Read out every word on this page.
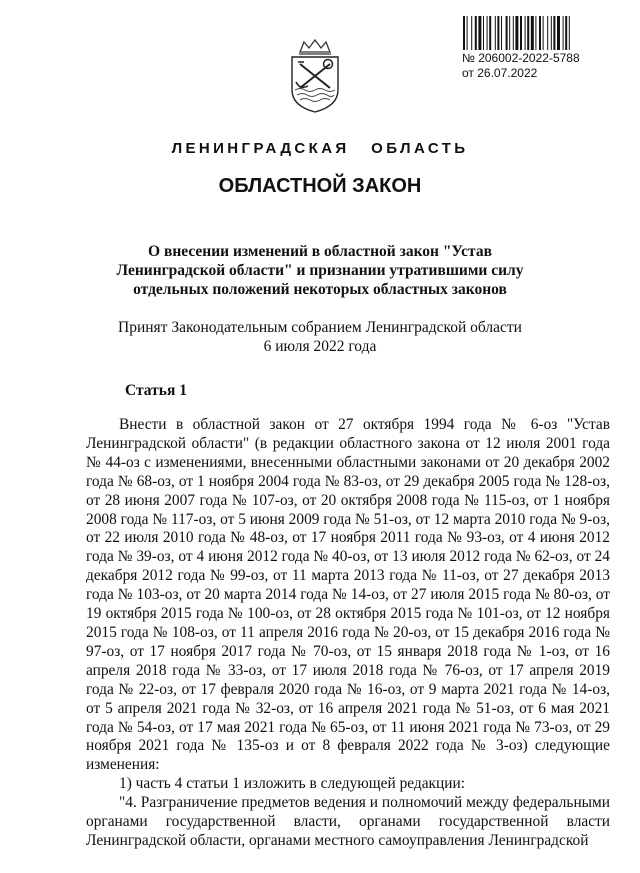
№ 206002-2022-5788
от 26.07.2022
ЛЕНИНГРАДСКАЯ ОБЛАСТЬ
ОБЛАСТНОЙ ЗАКОН
О внесении изменений в областной закон "Устав Ленинградской области" и признании утратившими силу отдельных положений некоторых областных законов
Принят Законодательным собранием Ленинградской области
6 июля 2022 года
Статья 1

Внести в областной закон от 27 октября 1994 года № 6-оз "Устав Ленинградской области" (в редакции областного закона от 12 июля 2001 года № 44-оз с изменениями, внесенными областными законами от 20 декабря 2002 года № 68-оз, от 1 ноября 2004 года № 83-оз, от 29 декабря 2005 года № 128-оз, от 28 июня 2007 года № 107-оз, от 20 октября 2008 года № 115-оз, от 1 ноября 2008 года № 117-оз, от 5 июня 2009 года № 51-оз, от 12 марта 2010 года № 9-оз, от 22 июля 2010 года № 48-оз, от 17 ноября 2011 года № 93-оз, от 4 июня 2012 года № 39-оз, от 4 июня 2012 года № 40-оз, от 13 июля 2012 года № 62-оз, от 24 декабря 2012 года № 99-оз, от 11 марта 2013 года № 11-оз, от 27 декабря 2013 года № 103-оз, от 20 марта 2014 года № 14-оз, от 27 июля 2015 года № 80-оз, от 19 октября 2015 года № 100-оз, от 28 октября 2015 года № 101-оз, от 12 ноября 2015 года № 108-оз, от 11 апреля 2016 года № 20-оз, от 15 декабря 2016 года № 97-оз, от 17 ноября 2017 года № 70-оз, от 15 января 2018 года № 1-оз, от 16 апреля 2018 года № 33-оз, от 17 июля 2018 года № 76-оз, от 17 апреля 2019 года № 22-оз, от 17 февраля 2020 года № 16-оз, от 9 марта 2021 года № 14-оз, от 5 апреля 2021 года № 32-оз, от 16 апреля 2021 года № 51-оз, от 6 мая 2021 года № 54-оз, от 17 мая 2021 года № 65-оз, от 11 июня 2021 года № 73-оз, от 29 ноября 2021 года № 135-оз и от 8 февраля 2022 года № 3-оз) следующие изменения:

1) часть 4 статьи 1 изложить в следующей редакции:

"4. Разграничение предметов ведения и полномочий между федеральными органами государственной власти, органами государственной власти Ленинградской области, органами местного самоуправления Ленинградской
